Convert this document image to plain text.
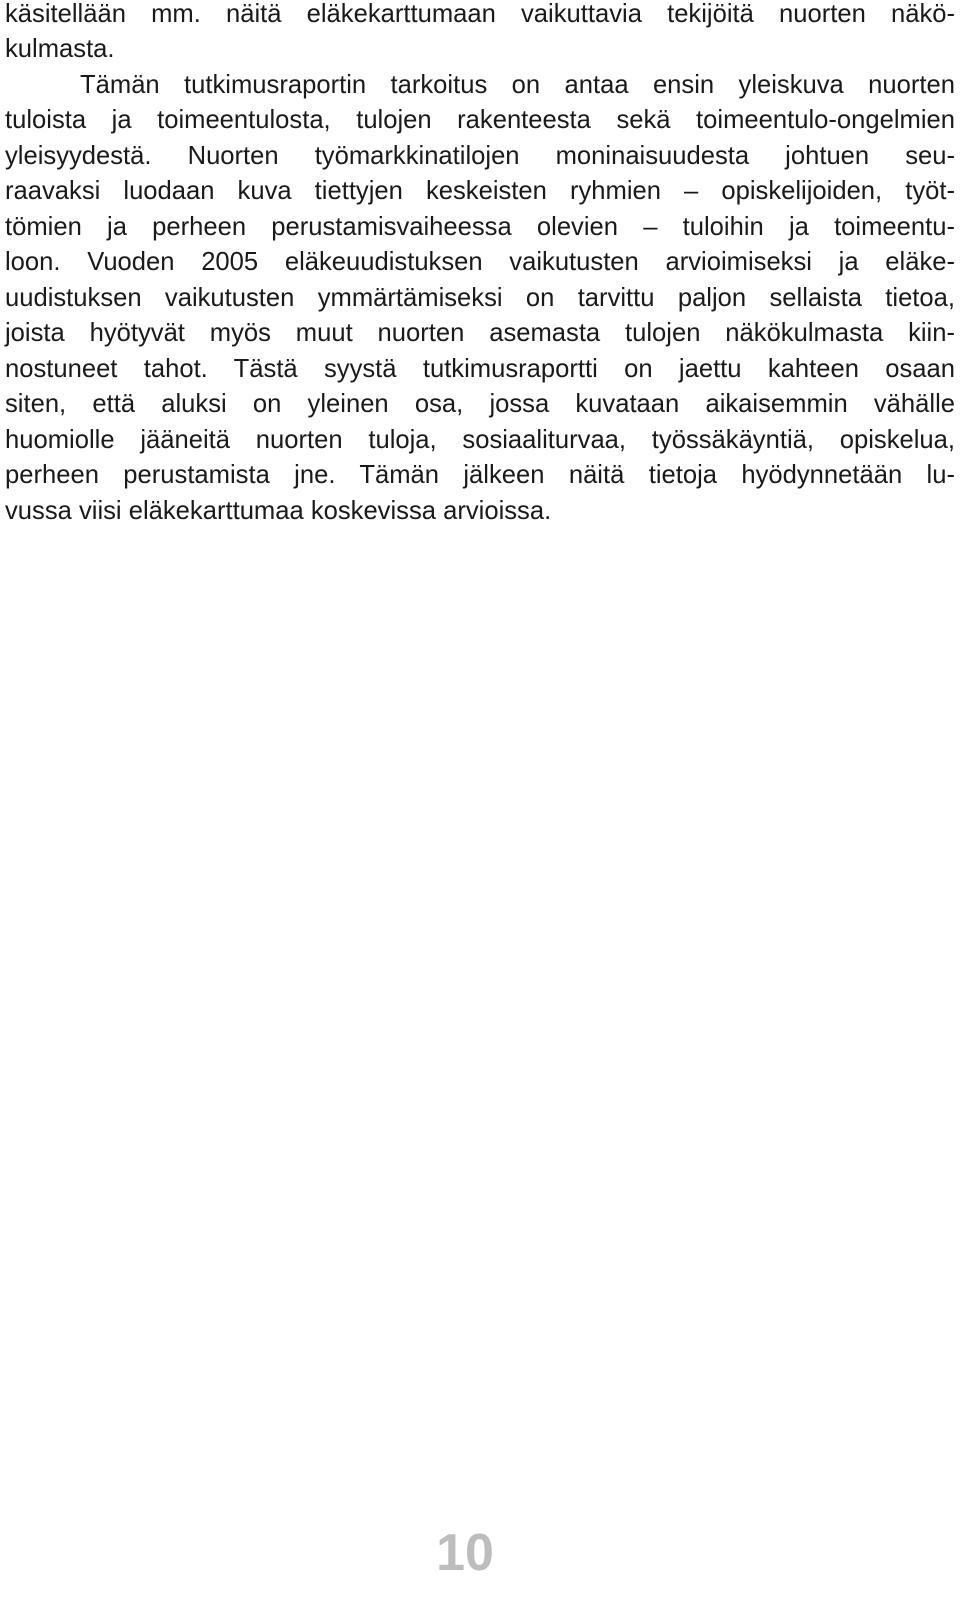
käsitellään mm. näitä eläkekarttumaan vaikuttavia tekijöitä nuorten näkö-

kulmasta.

Tämän tutkimusraportin tarkoitus on antaa ensin yleiskuva nuorten

tuloista ja toimeentulosta, tulojen rakenteesta sekä toimeentulo-ongelmien

yleisyydestä. Nuorten työmarkkinatilojen moninaisuudesta johtuen seu-

raavaksi luodaan kuva tiettyjen keskeisten ryhmien – opiskelijoiden, työt-

tömien ja perheen perustamisvaiheessa olevien – tuloihin ja toimeentu-

loon. Vuoden 2005 eläkeuudistuksen vaikutusten arvioimiseksi ja eläke-

uudistuksen vaikutusten ymmärtämiseksi on tarvittu paljon sellaista tietoa,

joista hyötyvät myös muut nuorten asemasta tulojen näkökulmasta kiin-

nostuneet tahot. Tästä syystä tutkimusraportti on jaettu kahteen osaan

siten, että aluksi on yleinen osa, jossa kuvataan aikaisemmin vähälle

huomiolle jääneitä nuorten tuloja, sosiaaliturvaa, työssäkäyntiä, opiskelua,

perheen perustamista jne. Tämän jälkeen näitä tietoja hyödynnetään lu-

vussa viisi eläkekarttumaa koskevissa arvioissa.

10
